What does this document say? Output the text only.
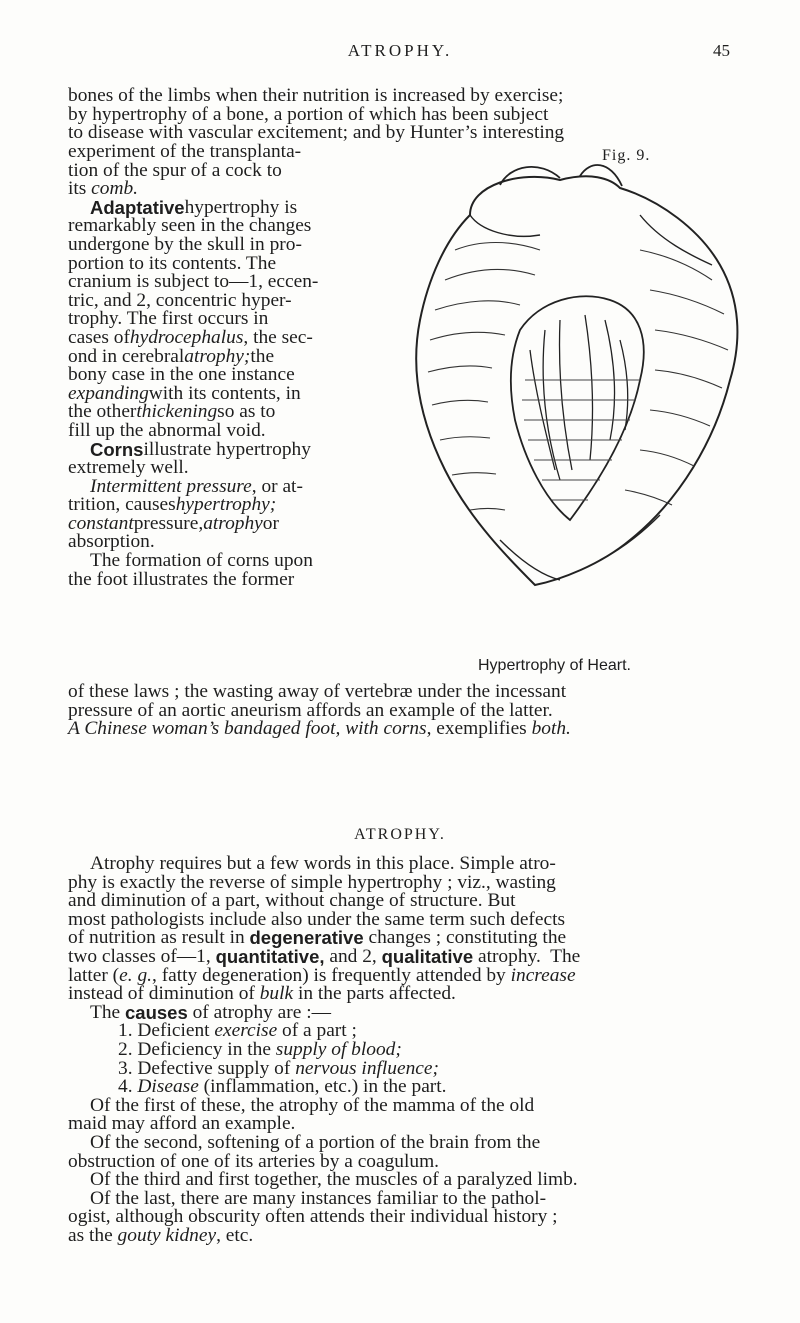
ATROPHY.	45
Fig. 9.
Hypertrophy of Heart.
bones of the limbs when their nutrition is increased by exercise;
by hypertrophy of a bone, a portion of which has been subject
to disease with vascular excitement; and by Hunter’s interesting
experiment of the transplanta-
tion of the spur of a cock to
its comb.
Adaptative hypertrophy is
remarkably seen in the changes
undergone by the skull in pro-
portion to its contents. The
cranium is subject to—1, eccen-
tric, and 2, concentric hyper-
trophy. The first occurs in
cases of hydrocephalus , the sec-
ond in cerebral atrophy; the
bony case in the one instance
expanding with its contents, in
the other thickening so as to
fill up the abnormal void.
Corns illustrate hypertrophy
extremely well.
Intermittent pressure , or at-
trition, causes hypertrophy;
constant pressure, atrophy or
absorption.
The formation of corns upon
the foot illustrates the former
of these laws ; the wasting away of vertebræ under the incessant
pressure of an aortic aneurism affords an example of the latter.
A Chinese woman’s bandaged foot, with corns , exemplifies both.
ATROPHY.
Atrophy requires but a few words in this place. Simple atro-
phy is exactly the reverse of simple hypertrophy ; viz., wasting
and diminution of a part, without change of structure. But
most pathologists include also under the same term such defects
of nutrition as result in degenerative changes ; constituting the
two classes of—1, quantitative, and 2, qualitative atrophy.  The
latter ( e. g. , fatty degeneration) is frequently attended by increase
instead of diminution of bulk in the parts affected.
The causes of atrophy are :—
1.
Deficient exercise of a part ;
2.
Deficiency in the supply of blood;
3.
Defective supply of nervous influence;
4.
Disease (inflammation, etc.) in the part.
Of the first of these, the atrophy of the mamma of the old
maid may afford an example.
Of the second, softening of a portion of the brain from the
obstruction of one of its arteries by a coagulum.
Of the third and first together, the muscles of a paralyzed limb.
Of the last, there are many instances familiar to the pathol-
ogist, although obscurity often attends their individual history ;
as the gouty kidney , etc.
